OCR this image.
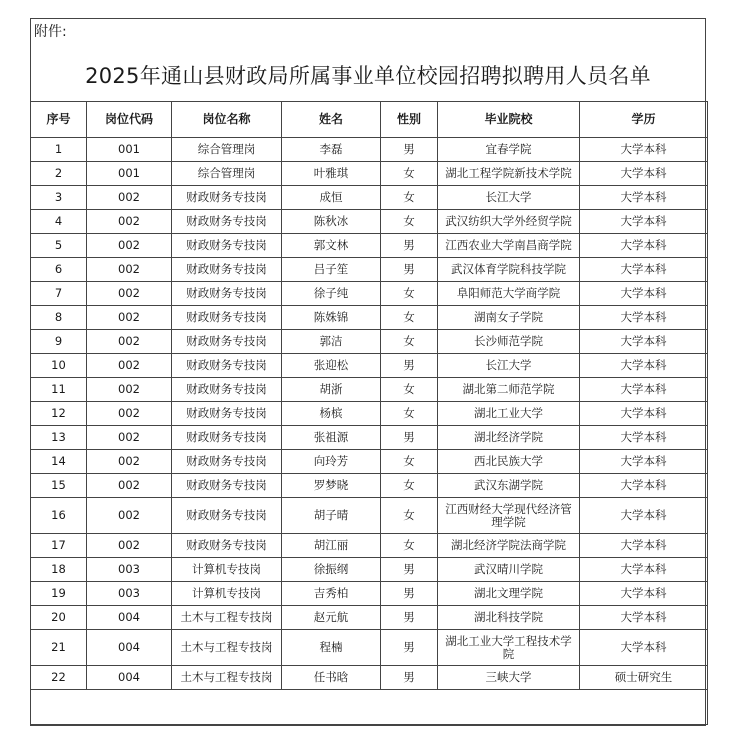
附件:
2025年通山县财政局所属事业单位校园招聘拟聘用人员名单
序号	岗位代码	岗位名称	姓名	性别	毕业院校	学历
1	001	综合管理岗	李磊	男	宜春学院	大学本科
2	001	综合管理岗	叶雅琪	女	湖北工程学院新技术学院	大学本科
3	002	财政财务专技岗	成恒	女	长江大学	大学本科
4	002	财政财务专技岗	陈秋冰	女	武汉纺织大学外经贸学院	大学本科
5	002	财政财务专技岗	郭文林	男	江西农业大学南昌商学院	大学本科
6	002	财政财务专技岗	吕子笙	男	武汉体育学院科技学院	大学本科
7	002	财政财务专技岗	徐子纯	女	阜阳师范大学商学院	大学本科
8	002	财政财务专技岗	陈姝锦	女	湖南女子学院	大学本科
9	002	财政财务专技岗	郭洁	女	长沙师范学院	大学本科
10	002	财政财务专技岗	张迎松	男	长江大学	大学本科
11	002	财政财务专技岗	胡浙	女	湖北第二师范学院	大学本科
12	002	财政财务专技岗	杨槟	女	湖北工业大学	大学本科
13	002	财政财务专技岗	张祖源	男	湖北经济学院	大学本科
14	002	财政财务专技岗	向玲芳	女	西北民族大学	大学本科
15	002	财政财务专技岗	罗梦晓	女	武汉东湖学院	大学本科
16	002	财政财务专技岗	胡子晴	女	江西财经大学现代经济管理学院	大学本科
17	002	财政财务专技岗	胡江丽	女	湖北经济学院法商学院	大学本科
18	003	计算机专技岗	徐振纲	男	武汉晴川学院	大学本科
19	003	计算机专技岗	吉秀柏	男	湖北文理学院	大学本科
20	004	土木与工程专技岗	赵元航	男	湖北科技学院	大学本科
21	004	土木与工程专技岗	程楠	男	湖北工业大学工程技术学院	大学本科
22	004	土木与工程专技岗	任书晗	男	三峡大学	硕士研究生
